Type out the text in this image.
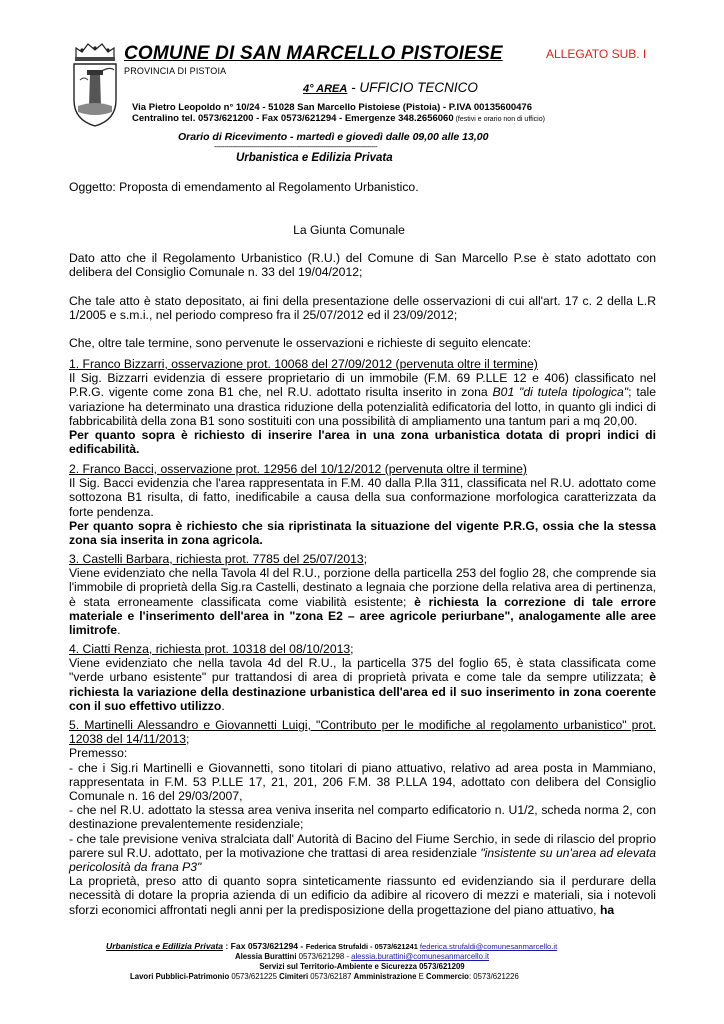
COMUNE DI SAN MARCELLO PISTOIESE	ALLEGATO SUB. I
PROVINCIA DI PISTOIA
4° AREA - UFFICIO TECNICO
Via Pietro Leopoldo n° 10/24 - 51028 San Marcello Pistoiese (Pistoia) - P.IVA 00135600476
Centralino tel. 0573/621200 - Fax 0573/621294 - Emergenze 348.2656060 (festivi e orario non di ufficio)
Orario di Ricevimento - martedì e giovedì dalle 09,00 alle 13,00
-------------------------------------------------------------------------------
Urbanistica e Edilizia Privata
Oggetto: Proposta di emendamento al Regolamento Urbanistico.
La Giunta Comunale
Dato atto che il Regolamento Urbanistico (R.U.) del Comune di San Marcello P.se è stato adottato con delibera del Consiglio Comunale n. 33 del 19/04/2012;
Che tale atto è stato depositato, ai fini della presentazione delle osservazioni di cui all'art. 17 c. 2 della L.R 1/2005 e s.m.i., nel periodo compreso fra il 25/07/2012 ed il 23/09/2012;
Che, oltre tale termine, sono pervenute le osservazioni e richieste di seguito elencate:

1. Franco Bizzarri, osservazione prot. 10068 del 27/09/2012 (pervenuta oltre il termine)

Il Sig. Bizzarri evidenzia di essere proprietario di un immobile (F.M. 69 P.LLE 12 e 406) classificato nel P.R.G. vigente come zona B1 che, nel R.U. adottato risulta inserito in zona B01 "di tutela tipologica"; tale variazione ha determinato una drastica riduzione della potenzialità edificatoria del lotto, in quanto gli indici di fabbricabilità della zona B1 sono sostituiti con una possibilità di ampliamento una tantum pari a mq 20,00.

Per quanto sopra è richiesto di inserire l'area in una zona urbanistica dotata di propri indici di edificabilità.

2. Franco Bacci, osservazione prot. 12956 del 10/12/2012 (pervenuta oltre il termine)

Il Sig. Bacci evidenzia che l'area rappresentata in F.M. 40 dalla P.lla 311, classificata nel R.U. adottato come sottozona B1 risulta, di fatto, inedificabile a causa della sua conformazione morfologica caratterizzata da forte pendenza.

Per quanto sopra è richiesto che sia ripristinata la situazione del vigente P.R.G, ossia che la stessa zona sia inserita in zona agricola.

3. Castelli Barbara, richiesta prot. 7785 del 25/07/2013;

Viene evidenziato che nella Tavola 4l del R.U., porzione della particella 253 del foglio 28, che comprende sia l'immobile di proprietà della Sig.ra Castelli, destinato a legnaia che porzione della relativa area di pertinenza, è stata erroneamente classificata come viabilità esistente; è richiesta la correzione di tale errore materiale e l'inserimento dell'area in "zona E2 – aree agricole periurbane", analogamente alle aree limitrofe.

4. Ciatti Renza, richiesta prot. 10318 del 08/10/2013;

Viene evidenziato che nella tavola 4d del R.U., la particella 375 del foglio 65, è stata classificata come "verde urbano esistente" pur trattandosi di area di proprietà privata e come tale da sempre utilizzata; è richiesta la variazione della destinazione urbanistica dell'area ed il suo inserimento in zona coerente con il suo effettivo utilizzo.

5. Martinelli Alessandro e Giovannetti Luigi, "Contributo per le modifiche al regolamento urbanistico" prot. 12038 del 14/11/2013;

Premesso:

- che i Sig.ri Martinelli e Giovannetti, sono titolari di piano attuativo, relativo ad area posta in Mammiano, rappresentata in F.M. 53 P.LLE 17, 21, 201, 206 F.M. 38 P.LLA 194, adottato con delibera del Consiglio Comunale n. 16 del 29/03/2007,

- che nel R.U. adottato la stessa area veniva inserita nel comparto edificatorio n. U1/2, scheda norma 2, con destinazione prevalentemente residenziale;

- che tale previsione veniva stralciata dall' Autorità di Bacino del Fiume Serchio, in sede di rilascio del proprio parere sul R.U. adottato, per la motivazione che trattasi di area residenziale "insistente su un'area ad elevata pericolosità da frana P3"

La proprietà, preso atto di quanto sopra sinteticamente riassunto ed evidenziando sia il perdurare della necessità di dotare la propria azienda di un edificio da adibire al ricovero di mezzi e materiali, sia i notevoli sforzi economici affrontati negli anni per la predisposizione della progettazione del piano attuativo, ha

Urbanistica e Edilizia Privata : Fax 0573/621294 - Federica Strufaldi - 0573/621241 federica.strufaldi@comunesanmarcello.it
Alessia Burattini 0573/621298 - alessia.burattini@comunesanmarcello.it
Servizi sul Territorio-Ambiente e Sicurezza 0573/621209
Lavori Pubblici-Patrimonio 0573/621225 Cimiteri 0573/62187 Amministrazione E Commercio: 0573/621226
